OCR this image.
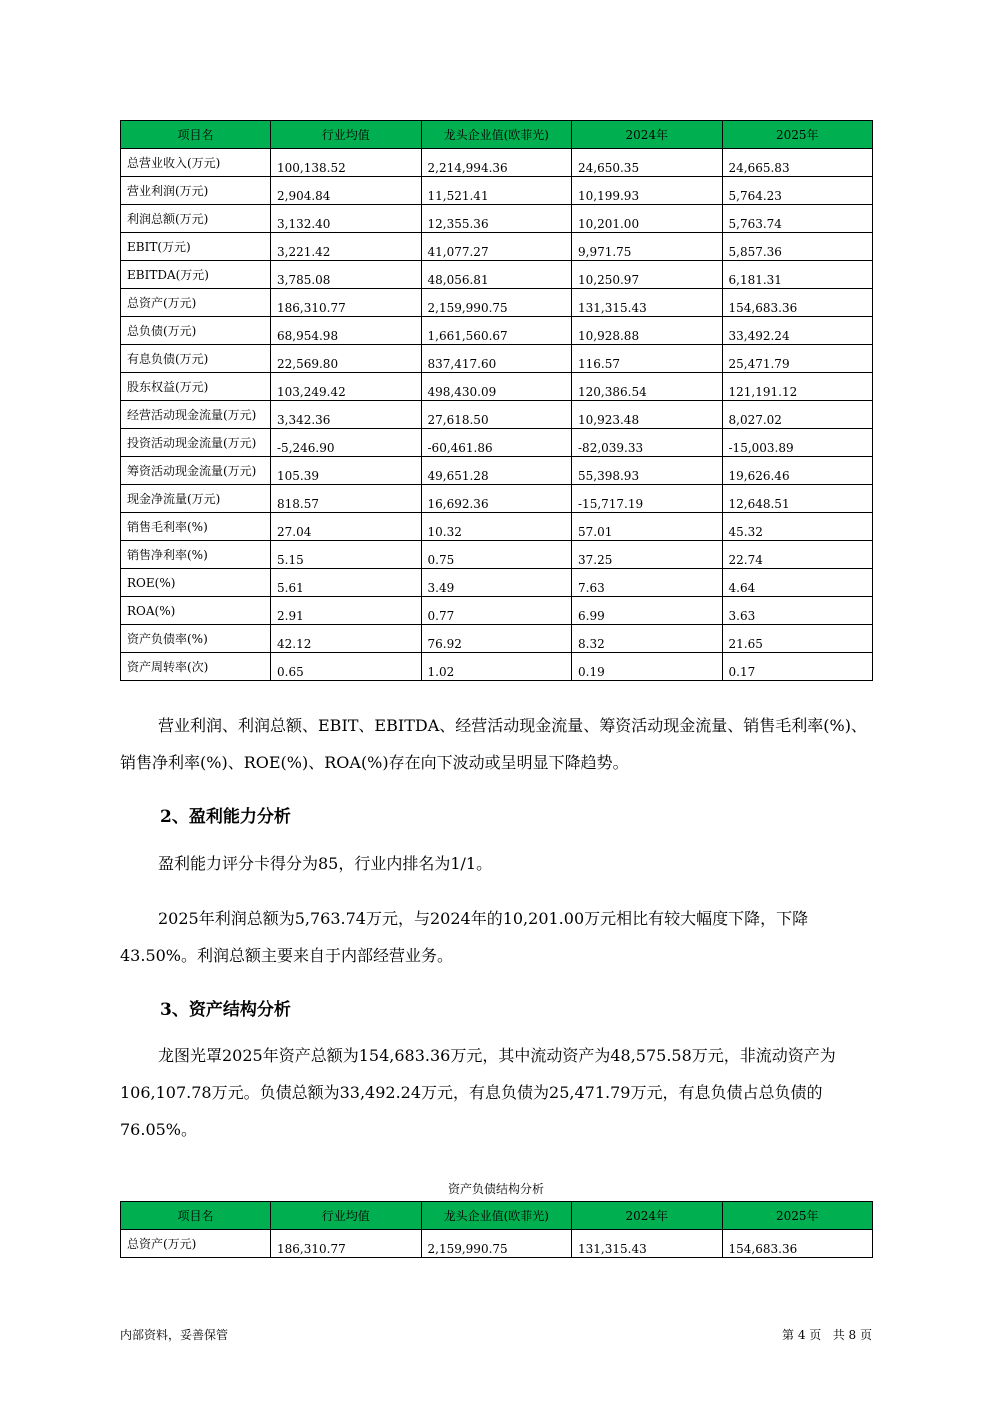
项目名	行业均值	龙头企业值(欧菲光)	2024年	2025年
总营业收入(万元)	100,138.52	2,214,994.36	24,650.35	24,665.83
营业利润(万元)	2,904.84	11,521.41	10,199.93	5,764.23
利润总额(万元)	3,132.40	12,355.36	10,201.00	5,763.74
EBIT(万元)	3,221.42	41,077.27	9,971.75	5,857.36
EBITDA(万元)	3,785.08	48,056.81	10,250.97	6,181.31
总资产(万元)	186,310.77	2,159,990.75	131,315.43	154,683.36
总负债(万元)	68,954.98	1,661,560.67	10,928.88	33,492.24
有息负债(万元)	22,569.80	837,417.60	116.57	25,471.79
股东权益(万元)	103,249.42	498,430.09	120,386.54	121,191.12
经营活动现金流量(万元)	3,342.36	27,618.50	10,923.48	8,027.02
投资活动现金流量(万元)	-5,246.90	-60,461.86	-82,039.33	-15,003.89
筹资活动现金流量(万元)	105.39	49,651.28	55,398.93	19,626.46
现金净流量(万元)	818.57	16,692.36	-15,717.19	12,648.51
销售毛利率(%)	27.04	10.32	57.01	45.32
销售净利率(%)	5.15	0.75	37.25	22.74
ROE(%)	5.61	3.49	7.63	4.64
ROA(%)	2.91	0.77	6.99	3.63
资产负债率(%)	42.12	76.92	8.32	21.65
资产周转率(次)	0.65	1.02	0.19	0.17

营业利润、利润总额、EBIT、EBITDA、经营活动现金流量、筹资活动现金流量、销售毛利率(%)、销售净利率(%)、ROE(%)、ROA(%)存在向下波动或呈明显下降趋势。

2、盈利能力分析

盈利能力评分卡得分为85，行业内排名为1/1。

2025年利润总额为5,763.74万元，与2024年的10,201.00万元相比有较大幅度下降，下降43.50%。利润总额主要来自于内部经营业务。

3、资产结构分析

龙图光罩2025年资产总额为154,683.36万元，其中流动资产为48,575.58万元，非流动资产为106,107.78万元。负债总额为33,492.24万元，有息负债为25,471.79万元，有息负债占总负债的76.05%。

资产负债结构分析
项目名	行业均值	龙头企业值(欧菲光)	2024年	2025年
总资产(万元)	186,310.77	2,159,990.75	131,315.43	154,683.36
内部资料，妥善保管	第 4 页   共 8 页
